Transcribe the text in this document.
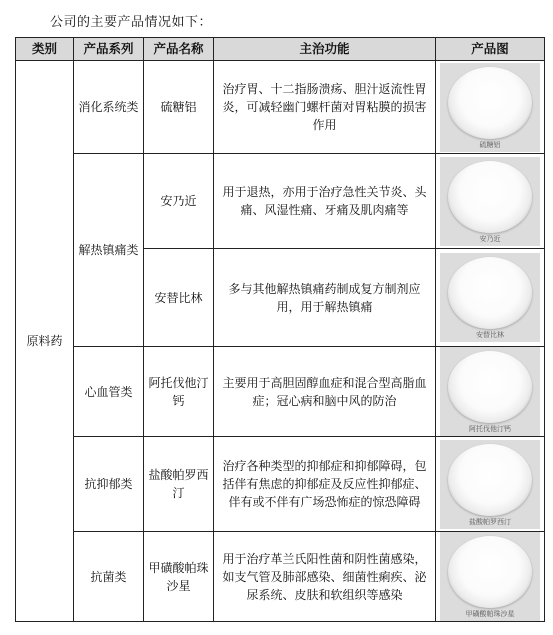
公司的主要产品情况如下：
类别	产品系列	产品名称	主治功能	产品图
原料药	消化系统类	硫糖铝	治疗胃、十二指肠溃疡、胆汁返流性胃炎，可减轻幽门螺杆菌对胃粘膜的损害作用	硫糖铝

	解热镇痛类	安乃近	用于退热，亦用于治疗急性关节炎、头痛、风湿性痛、牙痛及肌肉痛等	安乃近

		安替比林	多与其他解热镇痛药制成复方制剂应用，用于解热镇痛	安替比林

	心血管类	阿托伐他汀钙	主要用于高胆固醇血症和混合型高脂血症；冠心病和脑中风的防治	阿托伐他汀钙

	抗抑郁类	盐酸帕罗西汀	治疗各种类型的抑郁症和抑郁障碍，包括伴有焦虑的抑郁症及反应性抑郁症、伴有或不伴有广场恐怖症的惊恐障碍	盐酸帕罗西汀

	抗菌类	甲磺酸帕珠沙星	用于治疗革兰氏阳性菌和阴性菌感染，如支气管及肺部感染、细菌性痢疾、泌尿系统、皮肤和软组织等感染	甲磺酸帕珠沙星
